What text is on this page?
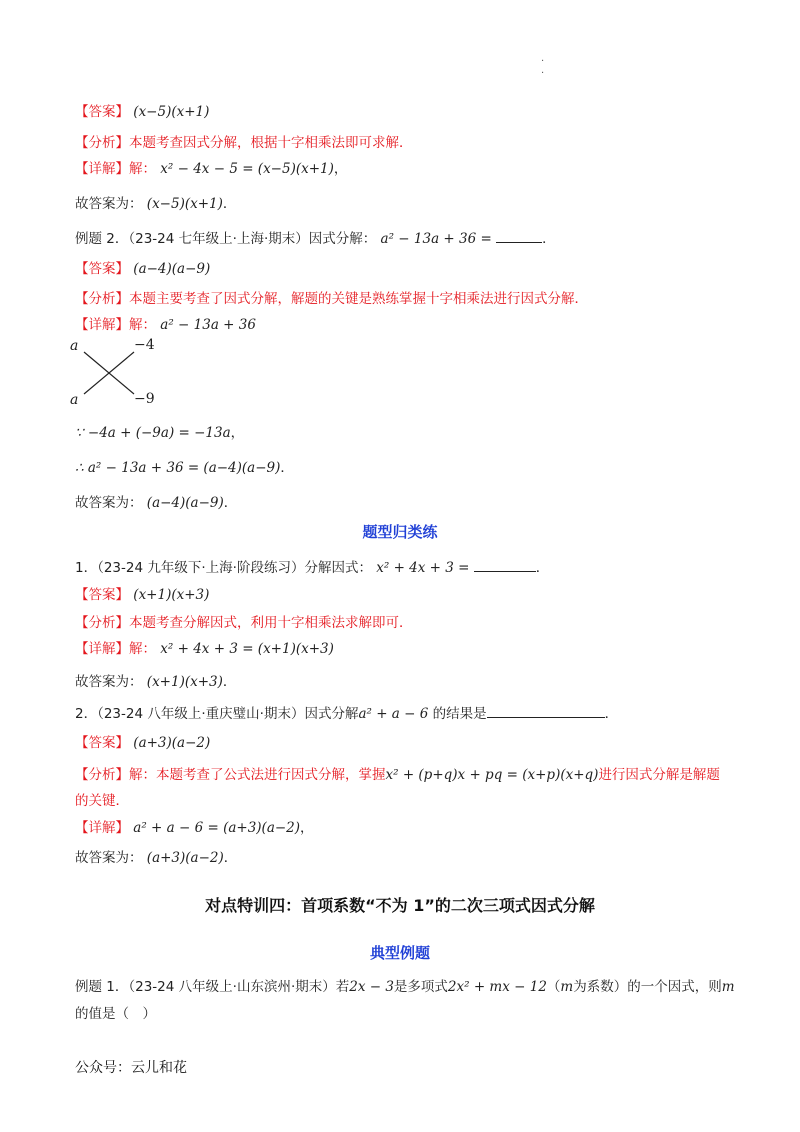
·
·
【答案】 (x−5)(x+1)
【分析】本题考查因式分解，根据十字相乘法即可求解．
【详解】解： x² − 4x − 5 = (x−5)(x+1)，
故答案为： (x−5)(x+1)．
例题 2．（23-24 七年级上·上海·期末）因式分解： a² − 13a + 36 =	．
【答案】 (a−4)(a−9)
【分析】本题主要考查了因式分解，解题的关键是熟练掌握十字相乘法进行因式分解．
【详解】解： a² − 13a + 36
a
a
−4
−9
∵ −4a + (−9a) = −13a，
∴ a² − 13a + 36 = (a−4)(a−9)．
故答案为： (a−4)(a−9)．
题型归类练
1．（23-24 九年级下·上海·阶段练习）分解因式： x² + 4x + 3 =	．
【答案】 (x+1)(x+3)
【分析】本题考查分解因式，利用十字相乘法求解即可．
【详解】解： x² + 4x + 3 = (x+1)(x+3)
故答案为： (x+1)(x+3)．
2．（23-24 八年级上·重庆璧山·期末）因式分解a² + a − 6 的结果是	．
【答案】 (a+3)(a−2)
【分析】解：本题考查了公式法进行因式分解，掌握x² + (p+q)x + pq = (x+p)(x+q)进行因式分解是解题
的关键．
【详解】 a² + a − 6 = (a+3)(a−2)，
故答案为： (a+3)(a−2)．
对点特训四：首项系数“不为 1”的二次三项式因式分解
典型例题
例题 1．（23-24 八年级上·山东滨州·期末）若2x − 3是多项式2x² + mx − 12（m为系数）的一个因式，则m
的值是（　）
公众号：云儿和花
